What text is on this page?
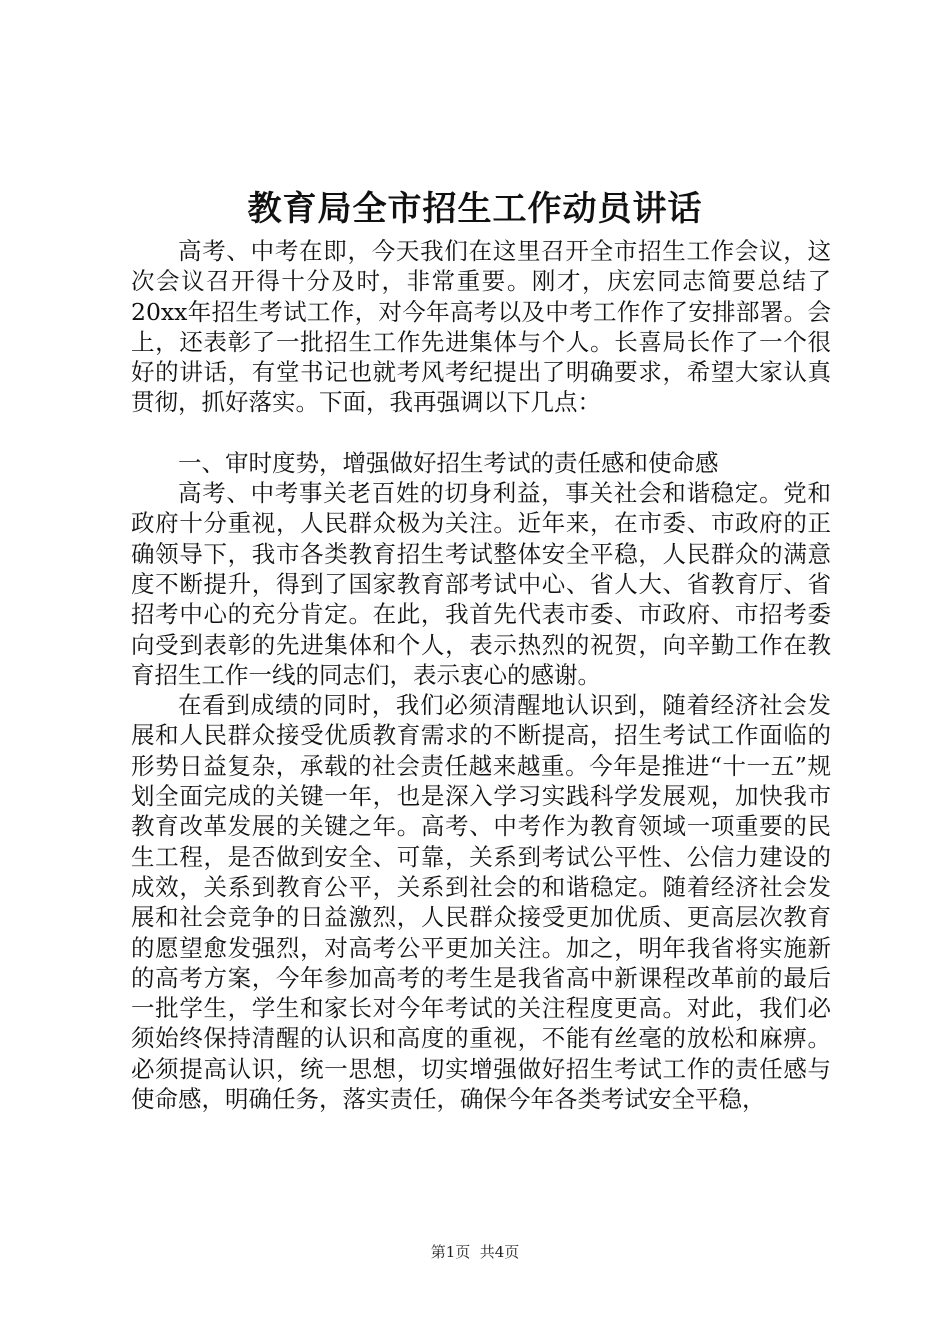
教育局全市招生工作动员讲话

高考、中考在即，今天我们在这里召开全市招生工作会议，这次会议召开得十分及时，非常重要。刚才，庆宏同志简要总结了20xx年招生考试工作，对今年高考以及中考工作作了安排部署。会上，还表彰了一批招生工作先进集体与个人。长喜局长作了一个很好的讲话，有堂书记也就考风考纪提出了明确要求，希望大家认真贯彻，抓好落实。下面，我再强调以下几点：

一、审时度势，增强做好招生考试的责任感和使命感

高考、中考事关老百姓的切身利益，事关社会和谐稳定。党和政府十分重视，人民群众极为关注。近年来，在市委、市政府的正确领导下，我市各类教育招生考试整体安全平稳，人民群众的满意度不断提升，得到了国家教育部考试中心、省人大、省教育厅、省招考中心的充分肯定。在此，我首先代表市委、市政府、市招考委向受到表彰的先进集体和个人，表示热烈的祝贺，向辛勤工作在教育招生工作一线的同志们，表示衷心的感谢。

在看到成绩的同时，我们必须清醒地认识到，随着经济社会发展和人民群众接受优质教育需求的不断提高，招生考试工作面临的形势日益复杂，承载的社会责任越来越重。今年是推进“十一五”规划全面完成的关键一年，也是深入学习实践科学发展观，加快我市教育改革发展的关键之年。高考、中考作为教育领域一项重要的民生工程，是否做到安全、可靠，关系到考试公平性、公信力建设的成效，关系到教育公平，关系到社会的和谐稳定。随着经济社会发展和社会竞争的日益激烈，人民群众接受更加优质、更高层次教育的愿望愈发强烈，对高考公平更加关注。加之，明年我省将实施新的高考方案，今年参加高考的考生是我省高中新课程改革前的最后一批学生，学生和家长对今年考试的关注程度更高。对此，我们必须始终保持清醒的认识和高度的重视，不能有丝毫的放松和麻痹。必须提高认识，统一思想，切实增强做好招生考试工作的责任感与使命感，明确任务，落实责任，确保今年各类考试安全平稳，

第1页  共4页
